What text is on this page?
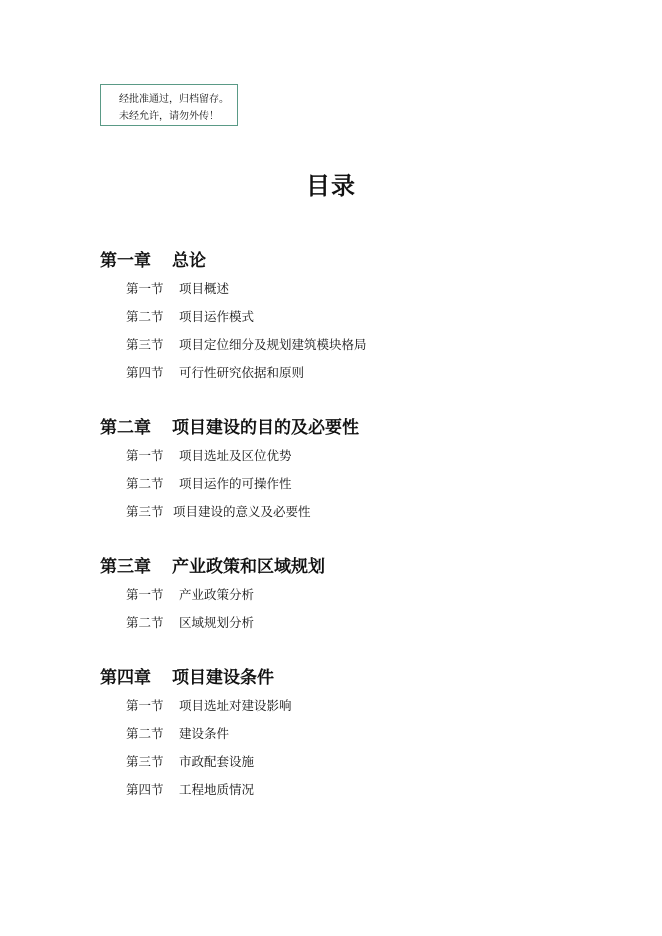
经批准通过，归档留存。
未经允许，请勿外传！
目录
第一章 总论
第一节 项目概述
第二节 项目运作模式
第三节 项目定位细分及规划建筑模块格局
第四节 可行性研究依据和原则
第二章 项目建设的目的及必要性
第一节 项目选址及区位优势
第二节 项目运作的可操作性
第三节 项目建设的意义及必要性
第三章 产业政策和区域规划
第一节 产业政策分析
第二节 区域规划分析
第四章 项目建设条件
第一节 项目选址对建设影响
第二节 建设条件
第三节 市政配套设施
第四节 工程地质情况
